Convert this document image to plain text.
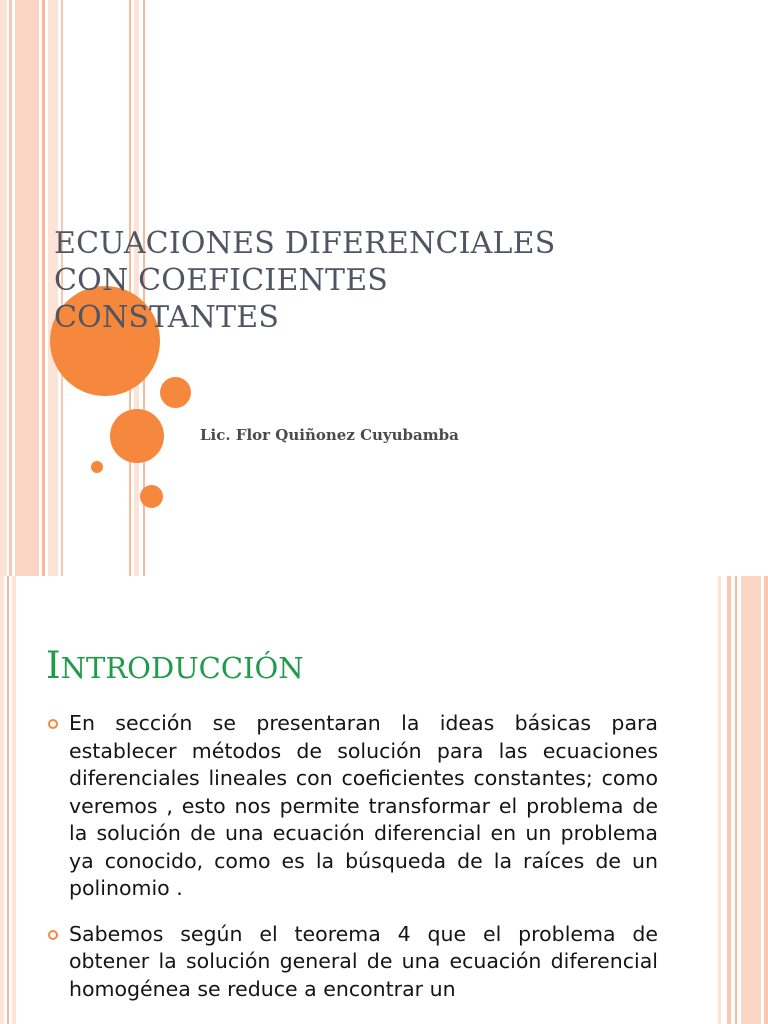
ECUACIONES DIFERENCIALES
CON COEFICIENTES
CONSTANTES
Lic. Flor Quiñonez Cuyubamba
INTRODUCCIÓN
En sección se presentaran la ideas básicas para establecer métodos de solución para las ecuaciones diferenciales lineales con coeficientes constantes; como veremos , esto nos permite transformar el problema de la solución de una ecuación diferencial en un problema ya conocido, como es la búsqueda de la raíces de un polinomio .
Sabemos según el teorema 4 que el problema de obtener la solución general de una ecuación diferencial homogénea se reduce a encontrar un
